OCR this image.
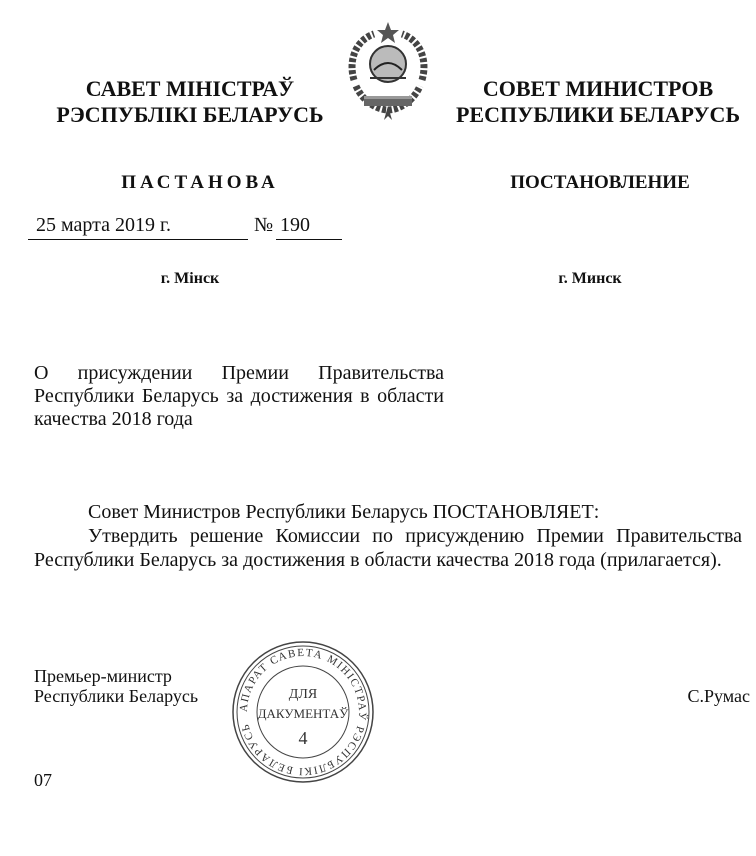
САВЕТ МІНІСТРАЎ
РЭСПУБЛІКІ БЕЛАРУСЬ
СОВЕТ МИНИСТРОВ
РЕСПУБЛИКИ БЕЛАРУСЬ
ПАСТАНОВА	ПОСТАНОВЛЕНИЕ
25 марта 2019 г.	№ 190
г. Мінск	г. Минск
О присуждении Премии Правительства Республики Беларусь за достижения в области качества 2018 года
Совет Министров Республики Беларусь ПОСТАНОВЛЯЕТ:
Утвердить решение Комиссии по присуждению Премии Правительства Республики Беларусь за достижения в области качества 2018 года (прилагается).
Премьер-министр
Республики Беларусь	С.Румас
АПАРАТ САВЕТА МІНІСТРАЎ РЭСПУБЛІКІ БЕЛАРУСЬ
ДЛЯ
ДАКУМЕНТАЎ
4
07
